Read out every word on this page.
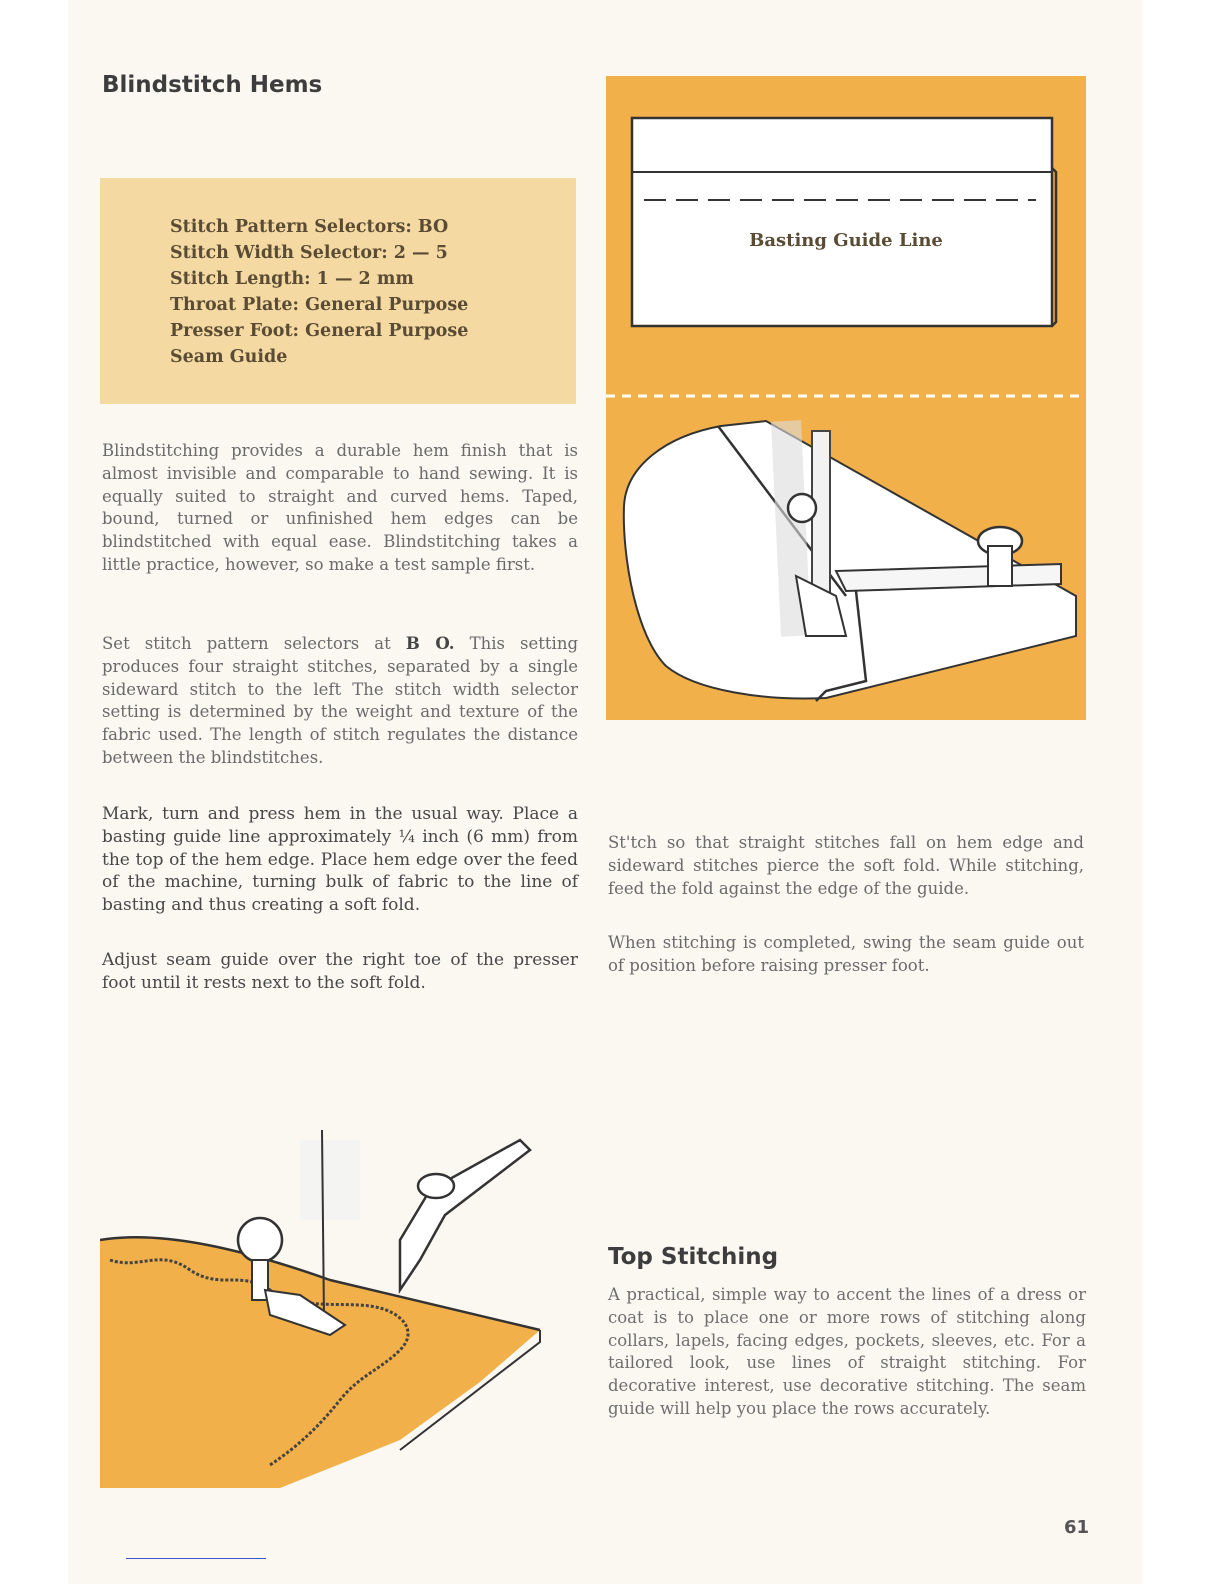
Blindstitch Hems
Stitch Pattern Selectors: BO
Stitch Width Selector: 2 — 5
Stitch Length: 1 — 2 mm
Throat Plate: General Purpose
Presser Foot: General Purpose
Seam Guide

Blindstitching provides a durable hem finish that is almost invisible and comparable to hand sewing. It is equally suited to straight and curved hems. Taped, bound, turned or unfinished hem edges can be blindstitched with equal ease. Blindstitching takes a little practice, however, so make a test sample first.

Set stitch pattern selectors at B O. This setting produces four straight stitches, separated by a single sideward stitch to the left The stitch width selector setting is determined by the weight and texture of the fabric used. The length of stitch regulates the distance between the blindstitches.

Mark, turn and press hem in the usual way. Place a basting guide line approximately ¼ inch (6 mm) from the top of the hem edge. Place hem edge over the feed of the machine, turning bulk of fabric to the line of basting and thus creating a soft fold.

Adjust seam guide over the right toe of the presser foot until it rests next to the soft fold.

St'tch so that straight stitches fall on hem edge and sideward stitches pierce the soft fold. While stitching, feed the fold against the edge of the guide.

When stitching is completed, swing the seam guide out of position before raising presser foot.

Basting Guide Line
Top Stitching

A practical, simple way to accent the lines of a dress or coat is to place one or more rows of stitching along collars, lapels, facing edges, pockets, sleeves, etc. For a tailored look, use lines of straight stitching. For decorative interest, use decorative stitching. The seam guide will help you place the rows accurately.

61
